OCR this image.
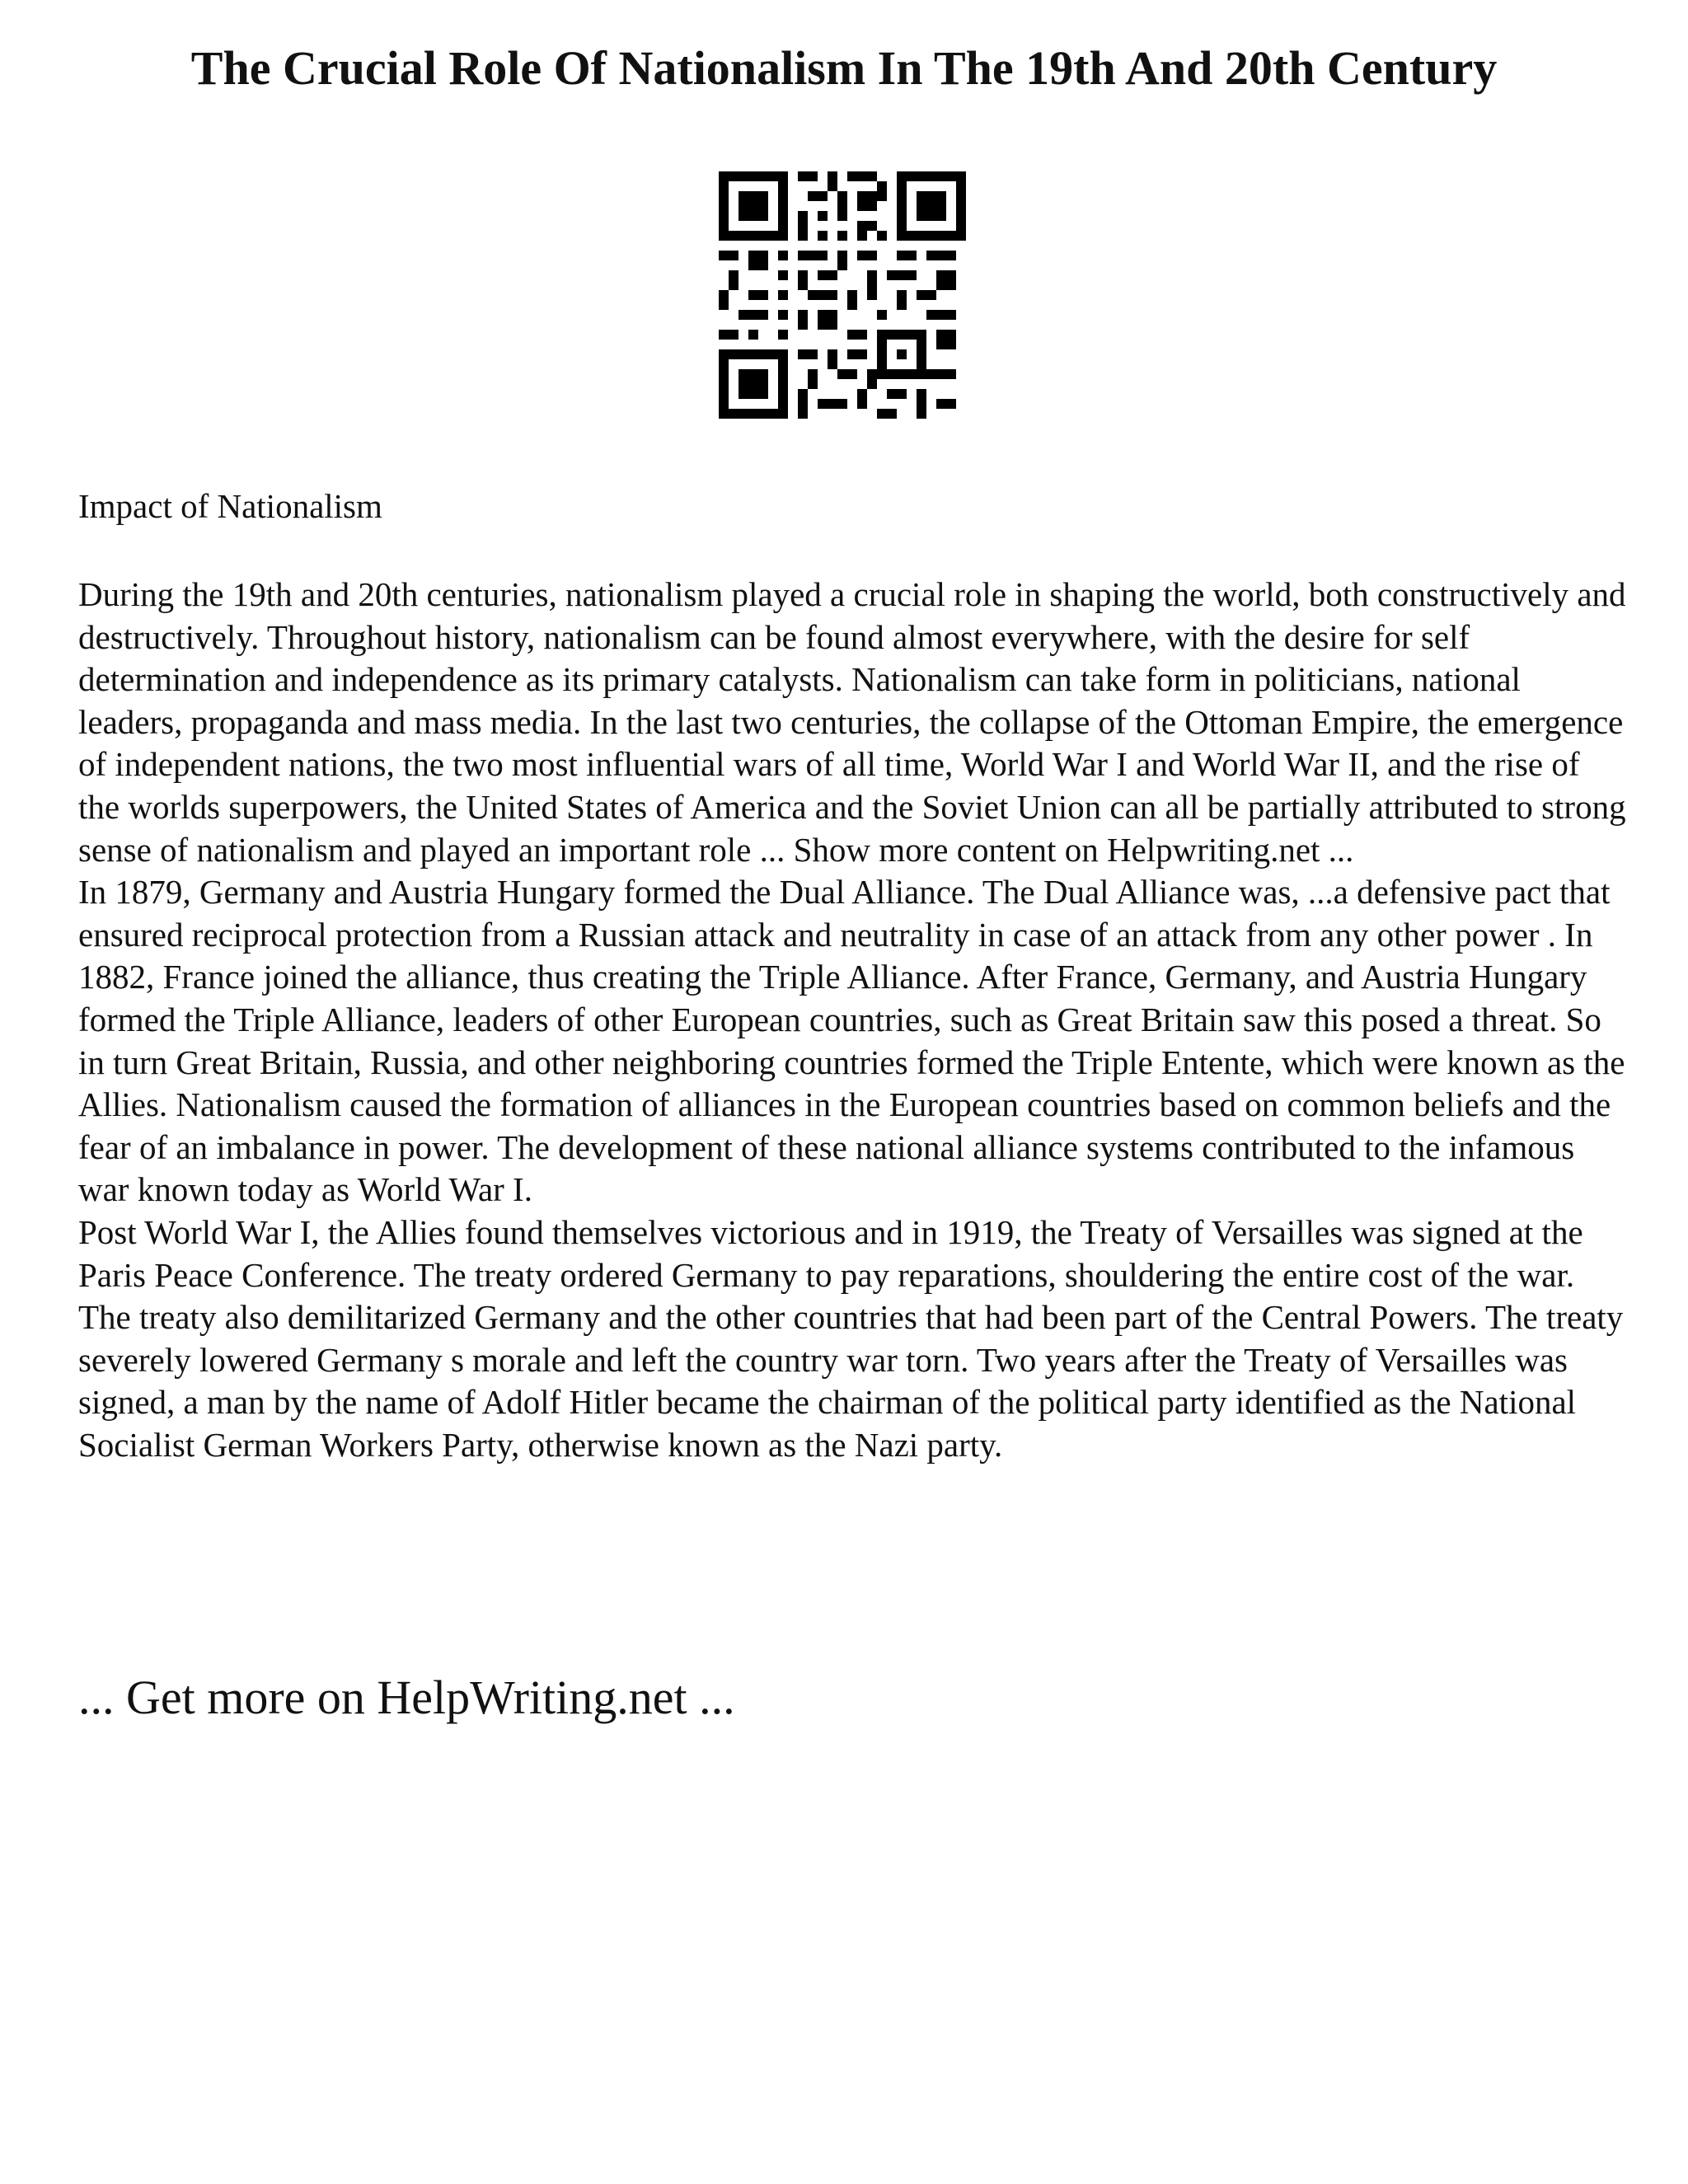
The Crucial Role Of Nationalism In The 19th And 20th Century
Impact of Nationalism

During the 19th and 20th centuries, nationalism played a crucial role in shaping the world, both constructively and destructively. Throughout history, nationalism can be found almost everywhere, with the desire for self determination and independence as its primary catalysts. Nationalism can take form in politicians, national leaders, propaganda and mass media. In the last two centuries, the collapse of the Ottoman Empire, the emergence of independent nations, the two most influential wars of all time, World War I and World War II, and the rise of the worlds superpowers, the United States of America and the Soviet Union can all be partially attributed to strong sense of nationalism and played an important role ... Show more content on Helpwriting.net ...

In 1879, Germany and Austria Hungary formed the Dual Alliance. The Dual Alliance was, ...a defensive pact that ensured reciprocal protection from a Russian attack and neutrality in case of an attack from any other power . In 1882, France joined the alliance, thus creating the Triple Alliance. After France, Germany, and Austria Hungary formed the Triple Alliance, leaders of other European countries, such as Great Britain saw this posed a threat. So in turn Great Britain, Russia, and other neighboring countries formed the Triple Entente, which were known as the Allies. Nationalism caused the formation of alliances in the European countries based on common beliefs and the fear of an imbalance in power. The development of these national alliance systems contributed to the infamous war known today as World War I.

Post World War I, the Allies found themselves victorious and in 1919, the Treaty of Versailles was signed at the Paris Peace Conference. The treaty ordered Germany to pay reparations, shouldering the entire cost of the war. The treaty also demilitarized Germany and the other countries that had been part of the Central Powers. The treaty severely lowered Germany s morale and left the country war torn. Two years after the Treaty of Versailles was signed, a man by the name of Adolf Hitler became the chairman of the political party identified as the National Socialist German Workers Party, otherwise known as the Nazi party.

... Get more on HelpWriting.net ...
